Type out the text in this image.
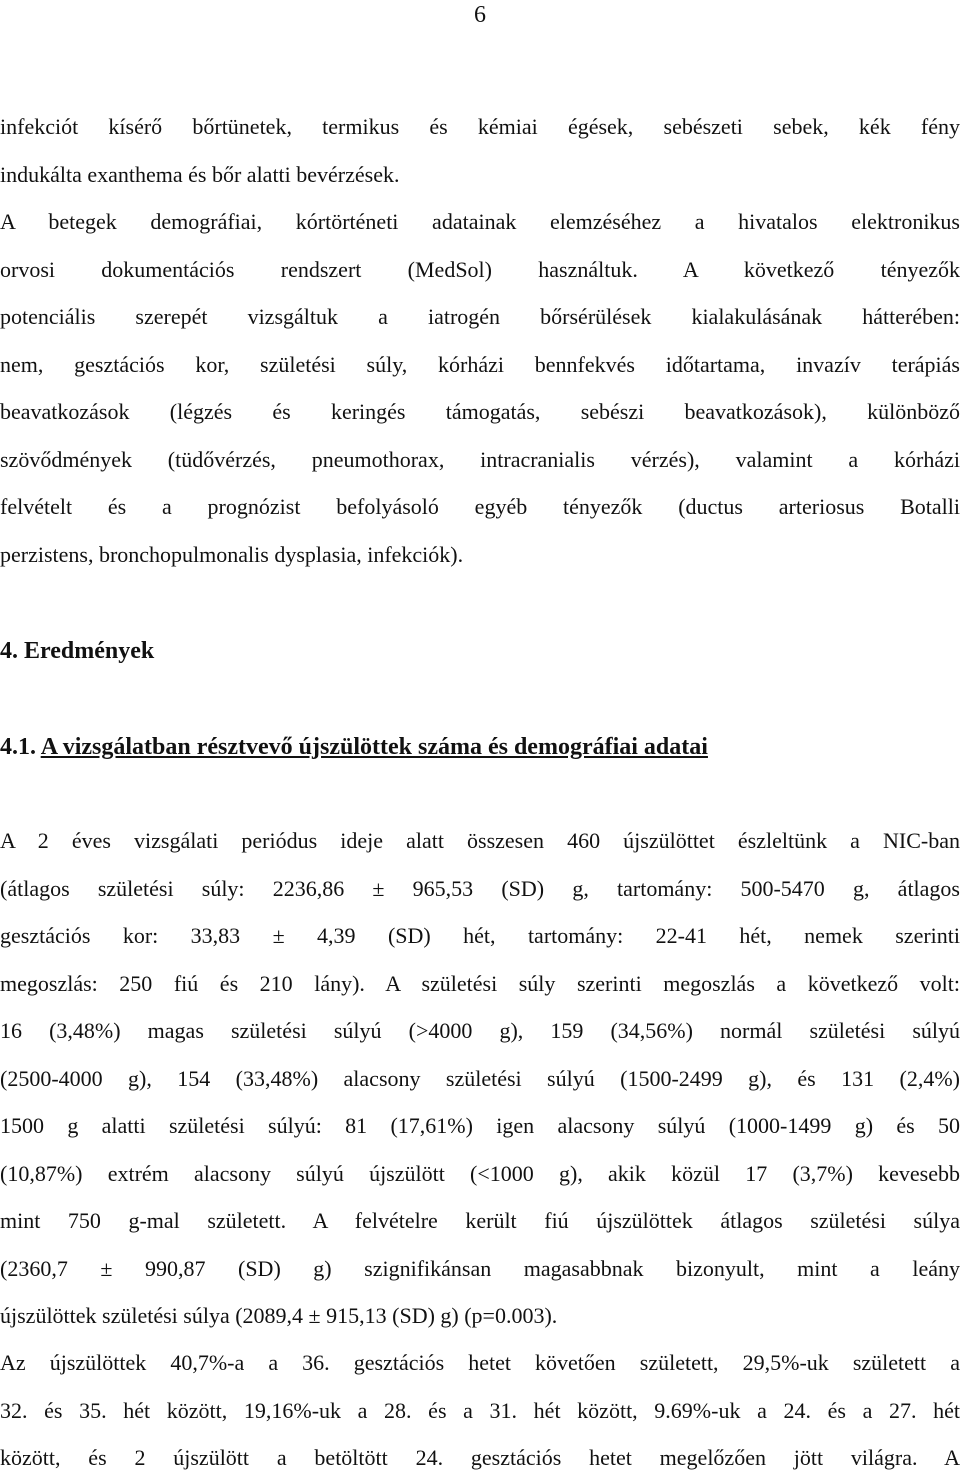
6
infekciót kísérő bőrtünetek, termikus és kémiai égések, sebészeti sebek, kék fény
indukálta exanthema és bőr alatti bevérzések.
A betegek demográfiai, kórtörténeti adatainak elemzéséhez a hivatalos elektronikus
orvosi dokumentációs rendszert (MedSol) használtuk. A következő tényezők
potenciális szerepét vizsgáltuk a iatrogén bőrsérülések kialakulásának hátterében:
nem, gesztációs kor, születési súly, kórházi bennfekvés időtartama, invazív terápiás
beavatkozások (légzés és keringés támogatás, sebészi beavatkozások), különböző
szövődmények (tüdővérzés, pneumothorax, intracranialis vérzés), valamint a kórházi
felvételt és a prognózist befolyásoló egyéb tényezők (ductus arteriosus Botalli
perzistens, bronchopulmonalis dysplasia, infekciók).
4. Eredmények
4.1. A vizsgálatban résztvevő újszülöttek száma és demográfiai adatai
A 2 éves vizsgálati periódus ideje alatt összesen 460 újszülöttet észleltünk a NIC-ban
(átlagos születési súly: 2236,86 ± 965,53 (SD) g, tartomány: 500-5470 g, átlagos
gesztációs kor: 33,83 ± 4,39 (SD) hét, tartomány: 22-41 hét, nemek szerinti
megoszlás: 250 fiú és 210 lány). A születési súly szerinti megoszlás a következő volt:
16 (3,48%) magas születési súlyú (>4000 g), 159 (34,56%) normál születési súlyú
(2500-4000 g), 154 (33,48%) alacsony születési súlyú (1500-2499 g), és 131 (2,4%)
1500 g alatti születési súlyú: 81 (17,61%) igen alacsony súlyú (1000-1499 g) és 50
(10,87%) extrém alacsony súlyú újszülött (<1000 g), akik közül 17 (3,7%) kevesebb
mint 750 g-mal született. A felvételre került fiú újszülöttek átlagos születési súlya
(2360,7 ± 990,87 (SD) g) szignifikánsan magasabbnak bizonyult, mint a leány
újszülöttek születési súlya (2089,4 ± 915,13 (SD) g) (p=0.003).
Az újszülöttek 40,7%-a a 36. gesztációs hetet követően született, 29,5%-uk született a
32. és 35. hét között, 19,16%-uk a 28. és a 31. hét között, 9.69%-uk a 24. és a 27. hét
között, és 2 újszülött a betöltött 24. gesztációs hetet megelőzően jött világra. A
